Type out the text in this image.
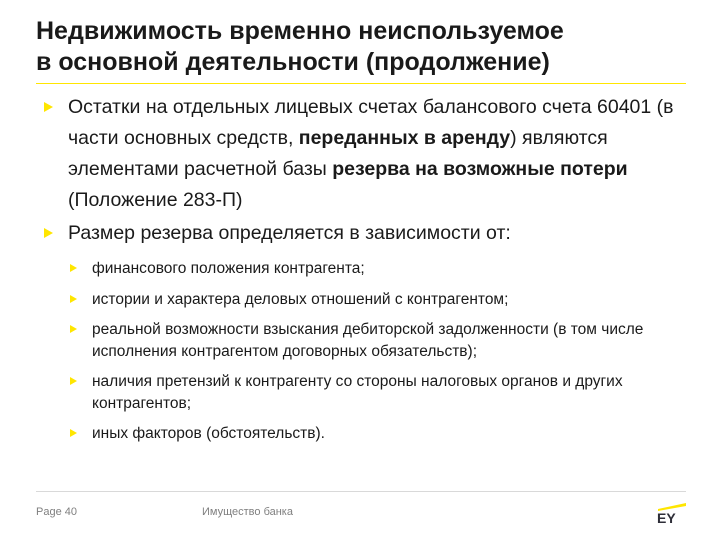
Недвижимость временно неиспользуемое
в основной деятельности (продолжение)
Остатки на отдельных лицевых счетах балансового счета 60401 (в части основных средств, переданных в аренду) являются элементами расчетной базы резерва на возможные потери (Положение 283-П)
Размер резерва определяется в зависимости от:
финансового положения контрагента;
истории и характера деловых отношений с контрагентом;
реальной возможности взыскания дебиторской задолженности (в том числе исполнения контрагентом договорных обязательств);
наличия претензий к контрагенту со стороны налоговых органов и других контрагентов;
иных факторов (обстоятельств).
Page 40	Имущество банка	EY
